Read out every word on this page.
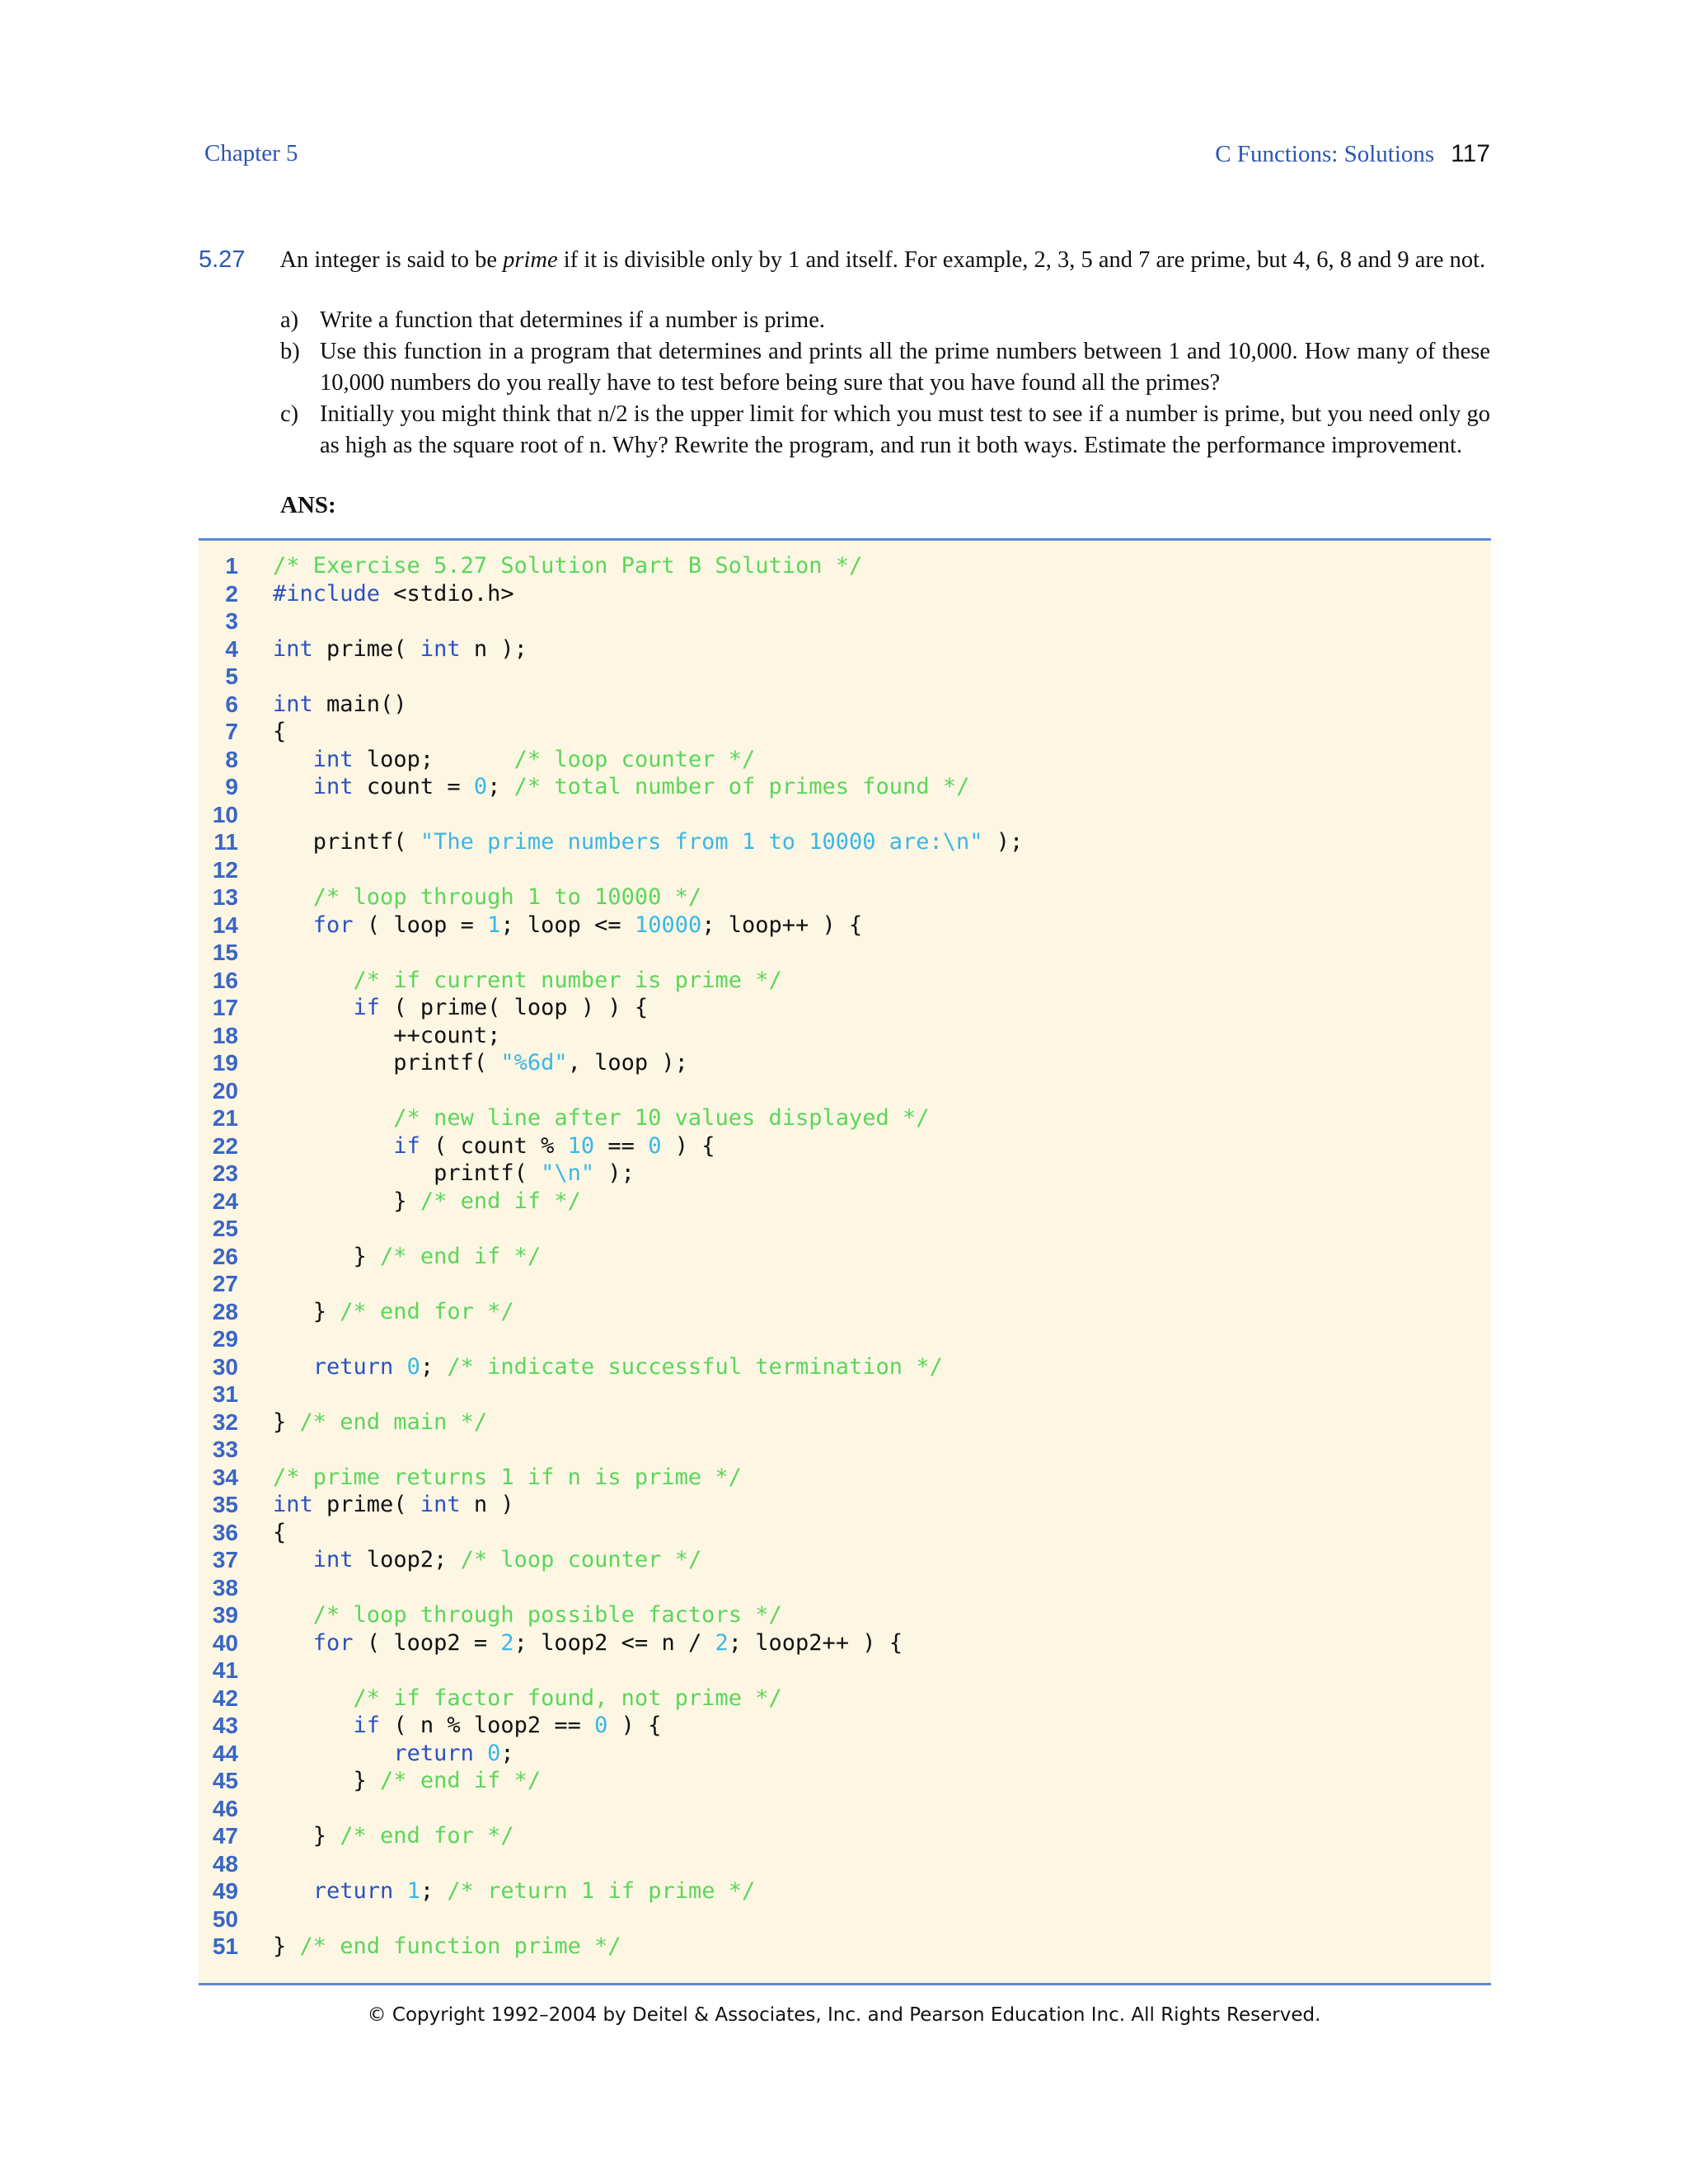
Chapter 5	C Functions: Solutions 117
5.27 An integer is said to be prime if it is divisible only by 1 and itself. For example, 2, 3, 5 and 7 are prime, but 4, 6, 8 and 9 are not.
a) Write a function that determines if a number is prime.
b) Use this function in a program that determines and prints all the prime numbers between 1 and 10,000. How many of these 10,000 numbers do you really have to test before being sure that you have found all the primes?
c) Initially you might think that n/2 is the upper limit for which you must test to see if a number is prime, but you need only go as high as the square root of n. Why? Rewrite the program, and run it both ways. Estimate the performance improvement.
ANS:
1 /* Exercise 5.27 Solution Part B Solution */
2 #include <stdio.h>
3
4 int prime( int n );
5
6 int main()
7 {
8	int loop;      /* loop counter */
9	int count = 0; /* total number of primes found */
10
11 printf( "The prime numbers from 1 to 10000 are:\n" );
12
13	/* loop through 1 to 10000 */
14	for ( loop = 1; loop <= 10000; loop++ ) {
15
16	/* if current number is prime */
17	if ( prime( loop ) ) {
18 ++count;
19 printf( "%6d", loop );
20
21	/* new line after 10 values displayed */
22	if ( count % 10 == 0 ) {
23 printf( "\n" );
24 } /* end if */
25
26 } /* end if */
27
28 } /* end for */
29
30	return 0; /* indicate successful termination */
31
32 } /* end main */
33
34 /* prime returns 1 if n is prime */
35 int prime( int n )
36 {
37	int loop2; /* loop counter */
38
39	/* loop through possible factors */
40	for ( loop2 = 2; loop2 <= n / 2; loop2++ ) {
41
42	/* if factor found, not prime */
43	if ( n % loop2 == 0 ) {
44	return 0;
45 } /* end if */
46
47 } /* end for */
48
49	return 1; /* return 1 if prime */
50
51 } /* end function prime */
© Copyright 1992–2004 by Deitel & Associates, Inc. and Pearson Education Inc. All Rights Reserved.
